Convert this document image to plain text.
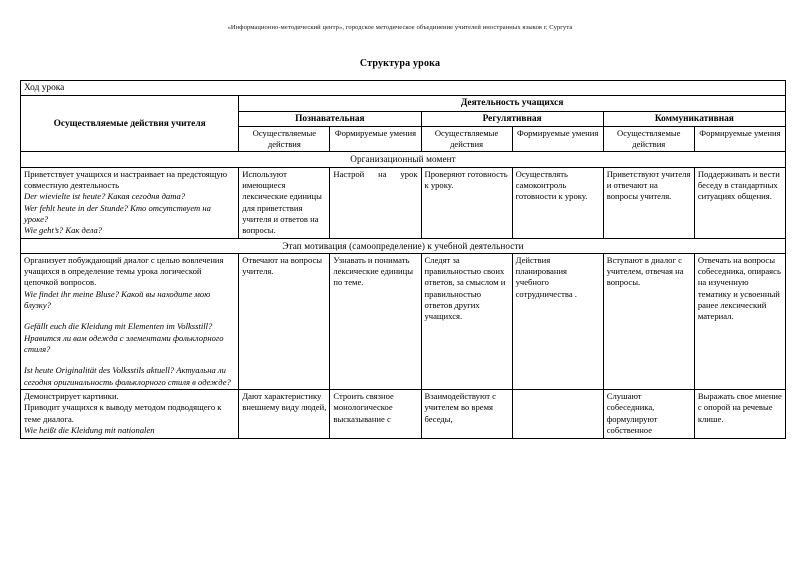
«Информационно-методический центр», городское методическое объединение учителей иностранных языков г. Сургута
Структура урока
Ход урока						
Осуществляемые действия учителя	Деятельность учащихся					
	Познавательная		Регулятивная		Коммуникативная	
	Осуществляемые действия	Формируемые умения	Осуществляемые действия	Формируемые умения	Осуществляемые действия	Формируемые умения
Организационный момент						

Приветствует учащихся и настраивает на предстоящую совместную деятельность

Der wievielte ist heute? Какая сегодня дата?

Wer fehlt heute in der Stunde? Кто отсутствует на уроке?

Wie geht’s? Как дела?	Используют имеющиеся лексические единицы для приветствия учителя и ответов на вопросы.	Настрой на урок	Проверяют готовность к уроку.	Осуществлять самоконтроль готовности к уроку.	Приветствуют учителя и отвечают на вопросы учителя.	Поддерживать и вести беседу в стандартных ситуациях общения.
Этап мотивация (самоопределение) к учебной деятельности						

Организует побуждающий диалог с целью вовлечения учащихся в определение темы урока логической цепочкой вопросов.

Wie findet ihr meine Bluse? Какой вы находите мою блузку?

Gefällt euch die Kleidung mit Elementen im Volksstill? Нравится ли вам одежда с элементами фольклорного стиля?

Ist heute Originalität des Volksstils aktuell? Актуальна ли сегодня оригинальность фольклорного стиля в одежде?	Отвечают на вопросы учителя.	Узнавать и понимать лексические единицы по теме.	Следят за правильностью своих ответов, за смыслом и правильностью ответов других учащихся.	Действия планирования учебного сотрудничества .	Вступают в диалог с учителем, отвечая на вопросы.	Отвечать на вопросы собеседника, опираясь на изученную тематику и усвоенный ранее лексический материал.

Демонстрирует картинки.

Приводит учащихся к выводу методом подводящего к теме диалога.

Wie heißt die Kleidung mit nationalen	Дают характеристику внешнему виду людей,	Строить связное монологическое высказывание с	Взаимодействуют с учителем во время беседы,		Слушают собеседника, формулируют собственное	Выражать свое мнение с опорой на речевые клише.
